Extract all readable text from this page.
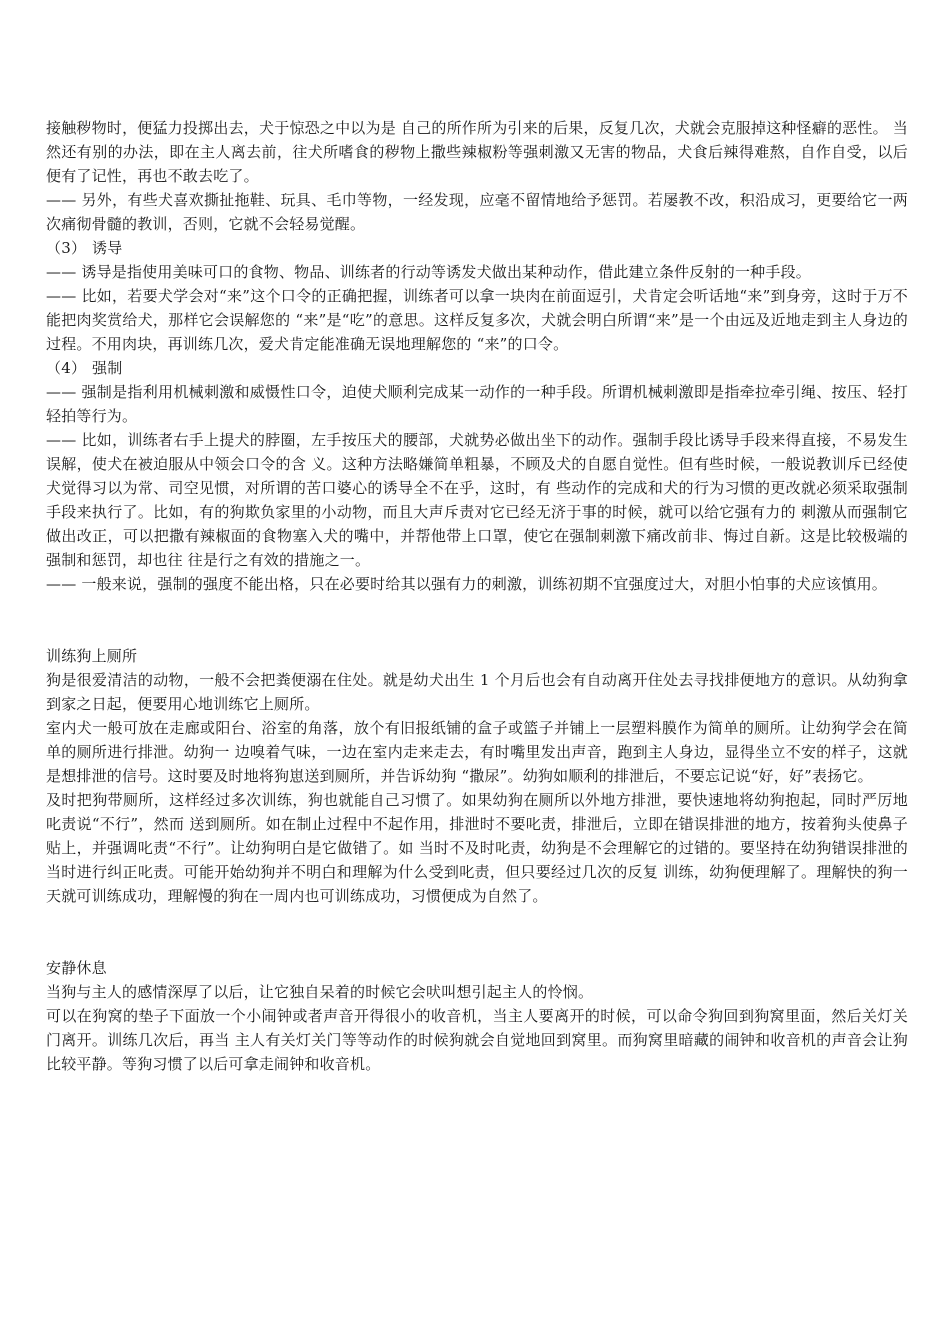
接触秽物时，便猛力投掷出去，犬于惊恐之中以为是 自己的所作所为引来的后果，反复几次，犬就会克服掉这种怪癖的恶性。 当然还有别的办法，即在主人离去前，往犬所嗜食的秽物上撒些辣椒粉等强刺激又无害的物品，犬食后辣得难熬，自作自受，以后便有了记性，再也不敢去吃了。

—— 另外，有些犬喜欢撕扯拖鞋、玩具、毛巾等物，一经发现，应毫不留情地给予惩罚。若屡教不改，积沿成习，更要给它一两次痛彻骨髓的教训，否则，它就不会轻易觉醒。

（3） 诱导

—— 诱导是指使用美味可口的食物、物品、训练者的行动等诱发犬做出某种动作，借此建立条件反射的一种手段。

—— 比如，若要犬学会对“来”这个口令的正确把握，训练者可以拿一块肉在前面逗引，犬肯定会听话地“来”到身旁，这时于万不能把肉奖赏给犬，那样它会误解您的 “来”是“吃”的意思。这样反复多次，犬就会明白所谓“来”是一个由远及近地走到主人身边的过程。不用肉块，再训练几次，爱犬肯定能准确无误地理解您的 “来”的口令。

（4） 强制

—— 强制是指利用机械刺激和威慑性口令，迫使犬顺利完成某一动作的一种手段。所谓机械刺激即是指牵拉牵引绳、按压、轻打轻拍等行为。

—— 比如，训练者右手上提犬的脖圈，左手按压犬的腰部，犬就势必做出坐下的动作。强制手段比诱导手段来得直接，不易发生误解，使犬在被迫服从中领会口令的含 义。这种方法略嫌简单粗暴，不顾及犬的自愿自觉性。但有些时候，一般说教训斥已经使犬觉得习以为常、司空见惯，对所谓的苦口婆心的诱导全不在乎，这时，有 些动作的完成和犬的行为习惯的更改就必须采取强制手段来执行了。比如，有的狗欺负家里的小动物，而且大声斥责对它已经无济于事的时候，就可以给它强有力的 刺激从而强制它做出改正，可以把撒有辣椒面的食物塞入犬的嘴中，并帮他带上口罩，使它在强制刺激下痛改前非、悔过自新。这是比较极端的强制和惩罚，却也往 往是行之有效的措施之一。

—— 一般来说，强制的强度不能出格，只在必要时给其以强有力的刺激，训练初期不宜强度过大，对胆小怕事的犬应该慎用。

训练狗上厕所

狗是很爱清洁的动物，一般不会把粪便溺在住处。就是幼犬出生 1 个月后也会有自动离开住处去寻找排便地方的意识。从幼狗拿到家之日起，便要用心地训练它上厕所。

室内犬一般可放在走廊或阳台、浴室的角落，放个有旧报纸铺的盒子或篮子并铺上一层塑料膜作为简单的厕所。让幼狗学会在简单的厕所进行排泄。幼狗一 边嗅着气味，一边在室内走来走去，有时嘴里发出声音，跑到主人身边，显得坐立不安的样子，这就是想排泄的信号。这时要及时地将狗崽送到厕所，并告诉幼狗 “撒尿”。幼狗如顺利的排泄后，不要忘记说“好，好”表扬它。

及时把狗带厕所，这样经过多次训练，狗也就能自己习惯了。如果幼狗在厕所以外地方排泄，要快速地将幼狗抱起，同时严厉地叱责说“不行”，然而 送到厕所。如在制止过程中不起作用，排泄时不要叱责，排泄后，立即在错误排泄的地方，按着狗头使鼻子贴上，并强调叱责“不行”。让幼狗明白是它做错了。如 当时不及时叱责，幼狗是不会理解它的过错的。要坚持在幼狗错误排泄的当时进行纠正叱责。可能开始幼狗并不明白和理解为什么受到叱责，但只要经过几次的反复 训练，幼狗便理解了。理解快的狗一天就可训练成功，理解慢的狗在一周内也可训练成功，习惯便成为自然了。

安静休息

当狗与主人的感情深厚了以后，让它独自呆着的时候它会吠叫想引起主人的怜悯。

可以在狗窝的垫子下面放一个小闹钟或者声音开得很小的收音机，当主人要离开的时候，可以命令狗回到狗窝里面，然后关灯关门离开。训练几次后，再当 主人有关灯关门等等动作的时候狗就会自觉地回到窝里。而狗窝里暗藏的闹钟和收音机的声音会让狗比较平静。等狗习惯了以后可拿走闹钟和收音机。
